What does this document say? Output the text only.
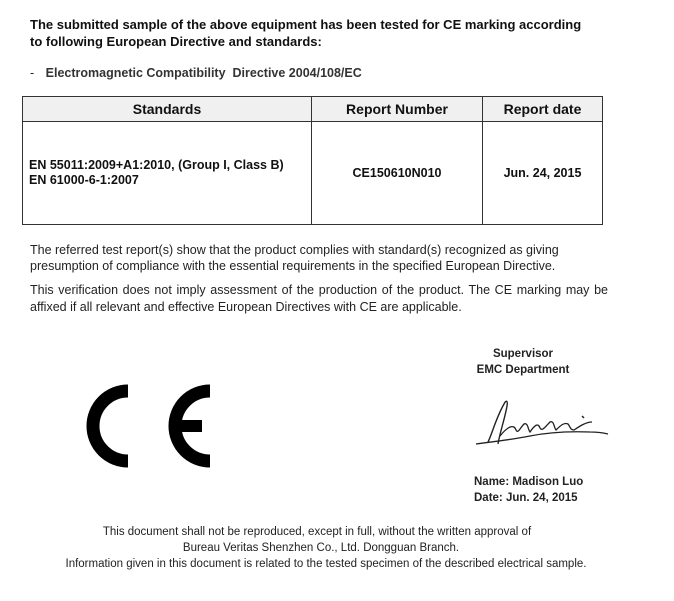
The submitted sample of the above equipment has been tested for CE marking according
to following European Directive and standards:
- Electromagnetic Compatibility Directive 2004/108/EC
Standards	Report Number	Report date

EN 55011:2009+A1:2010, (Group I, Class B)
EN 61000-6-1:2007	CE150610N010	Jun. 24, 2015
The referred test report(s) show that the product complies with standard(s) recognized as giving presumption of compliance with the essential requirements in the specified European Directive.
This verification does not imply assessment of the production of the product. The CE marking may be affixed if all relevant and effective European Directives with CE are applicable.
Supervisor
EMC Department
Name: Madison Luo
Date: Jun. 24, 2015
This document shall not be reproduced, except in full, without the written approval of
Bureau Veritas Shenzhen Co., Ltd. Dongguan Branch.
Information given in this document is related to the tested specimen of the described electrical sample.
